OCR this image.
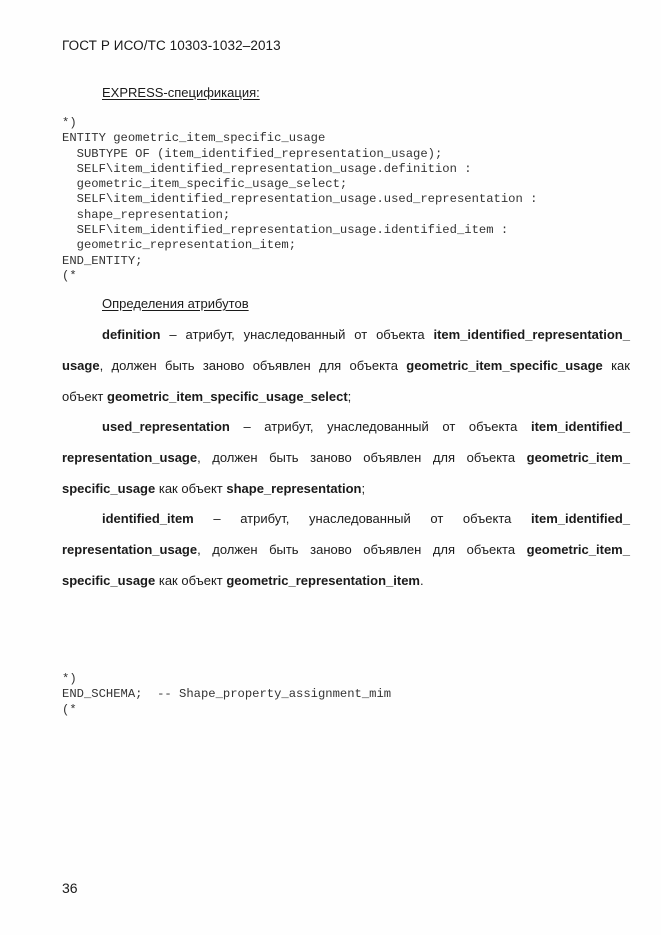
ГОСТ Р ИСО/ТС 10303-1032–2013
EXPRESS-спецификация:
*)
ENTITY geometric_item_specific_usage
SUBTYPE OF (item_identified_representation_usage);
SELF\item_identified_representation_usage.definition :
geometric_item_specific_usage_select;
SELF\item_identified_representation_usage.used_representation :
shape_representation;
SELF\item_identified_representation_usage.identified_item :
geometric_representation_item;
END_ENTITY;
(*
Определения атрибутов
definition – атрибут, унаследованный от объекта item_identified_representation_
usage, должен быть заново объявлен для объекта geometric_item_specific_usage как
объект geometric_item_specific_usage_select;
used_representation – атрибут, унаследованный от объекта item_identified_
representation_usage, должен быть заново объявлен для объекта geometric_item_
specific_usage как объект shape_representation;
identified_item – атрибут, унаследованный от объекта item_identified_
representation_usage, должен быть заново объявлен для объекта geometric_item_
specific_usage как объект geometric_representation_item.
*)
END_SCHEMA;  -- Shape_property_assignment_mim
(*
36
